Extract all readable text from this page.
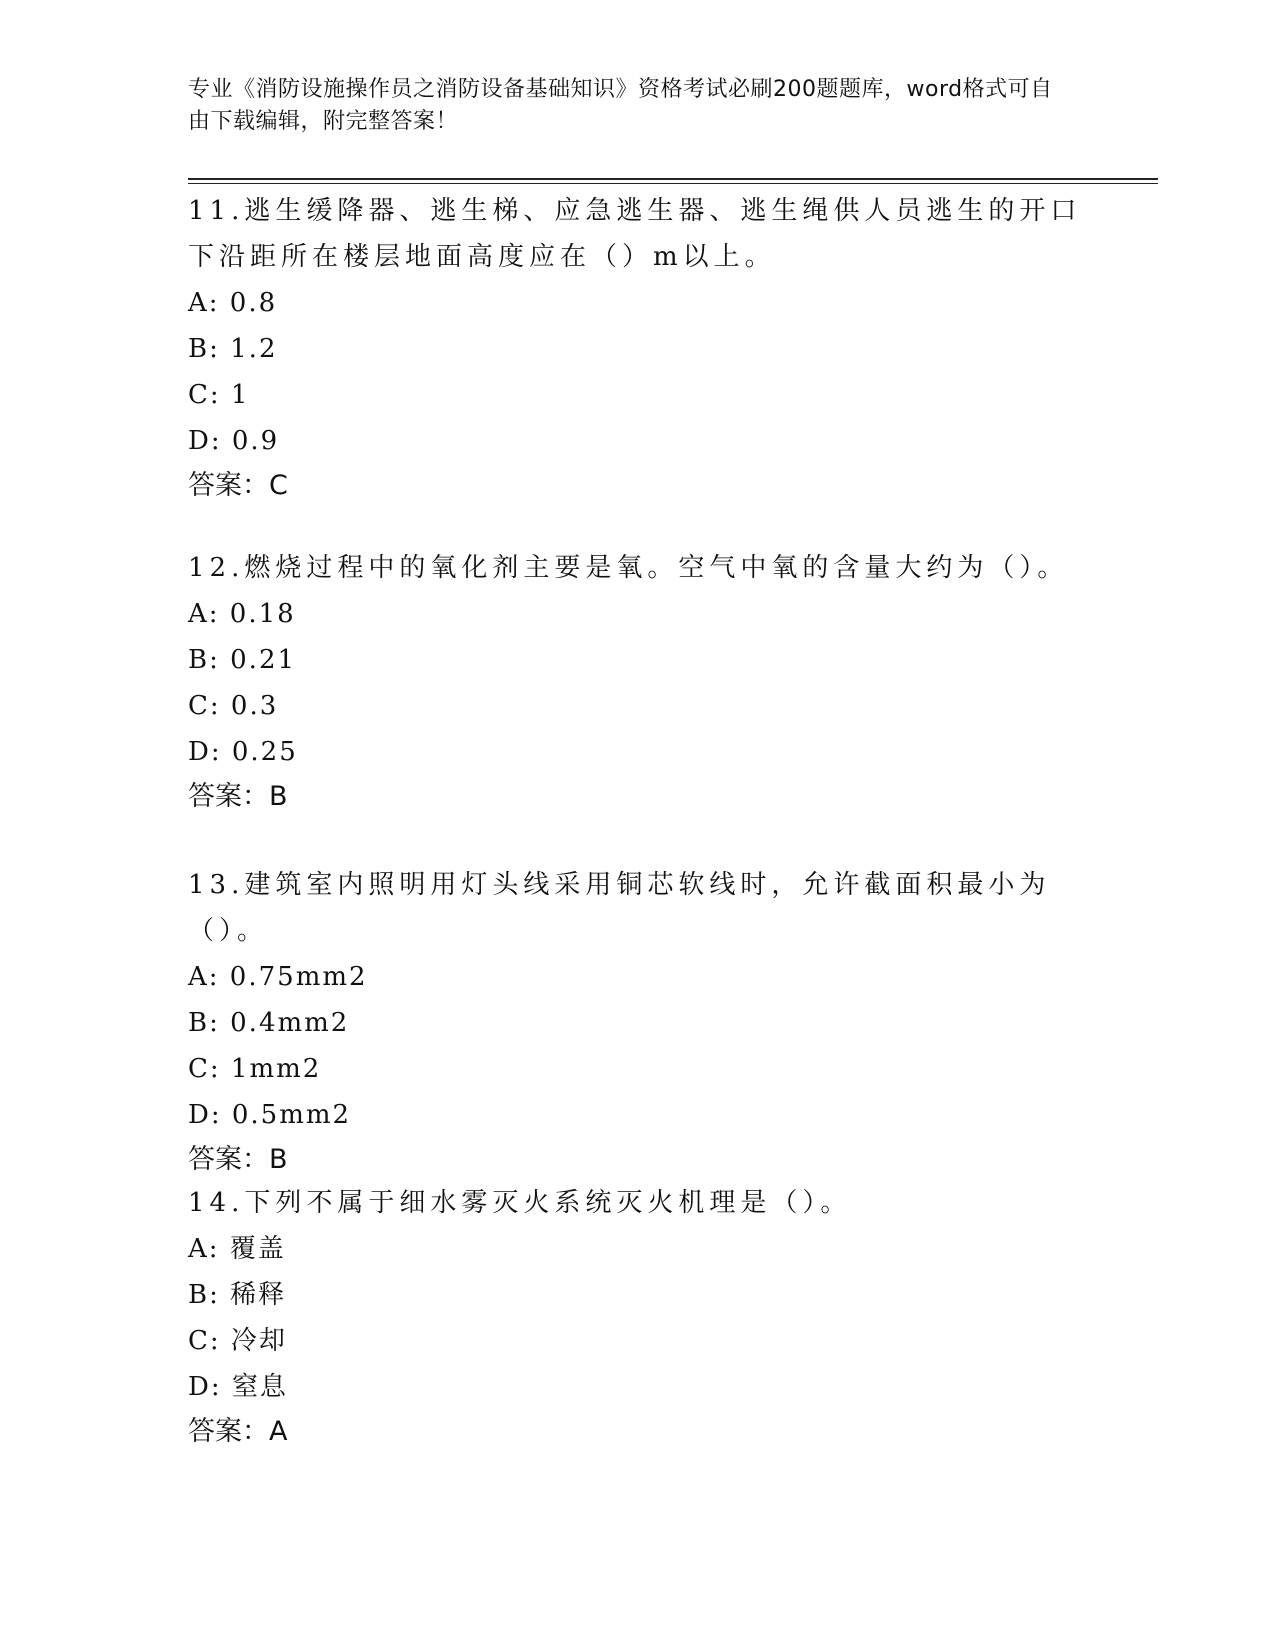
专业《消防设施操作员之消防设备基础知识》资格考试必刷200题题库，word格式可自由下载编辑，附完整答案！
11.逃生缓降器、逃生梯、应急逃生器、逃生绳供人员逃生的开口下沿距所在楼层地面高度应在（）m以上。
A: 0.8
B: 1.2
C: 1
D: 0.9
答案：C
12.燃烧过程中的氧化剂主要是氧。空气中氧的含量大约为（）。
A: 0.18
B: 0.21
C: 0.3
D: 0.25
答案：B
13.建筑室内照明用灯头线采用铜芯软线时，允许截面积最小为（）。
A: 0.75mm2
B: 0.4mm2
C: 1mm2
D: 0.5mm2
答案：B
14.下列不属于细水雾灭火系统灭火机理是（）。
A: 覆盖
B: 稀释
C: 冷却
D: 窒息
答案：A
